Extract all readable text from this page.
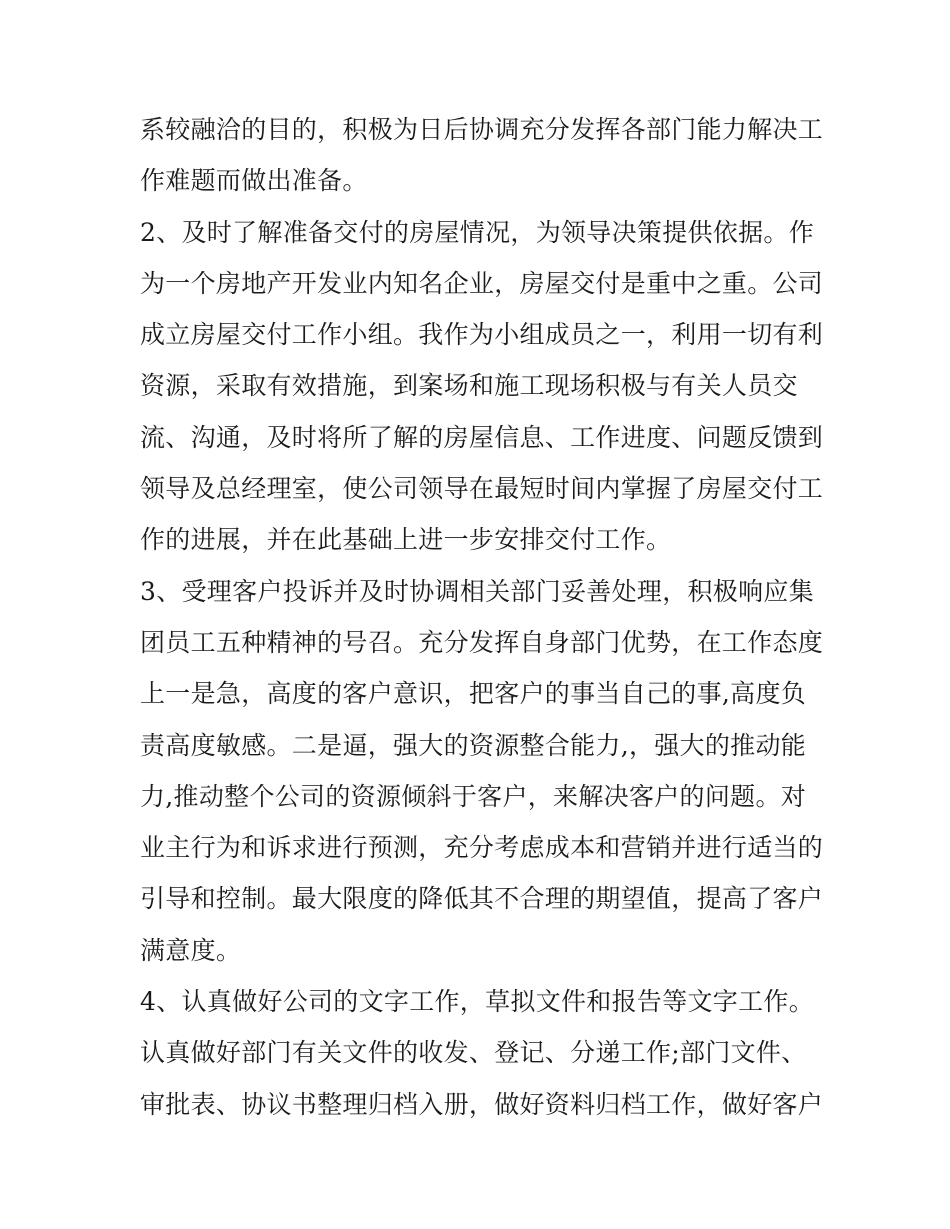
系较融洽的目的，积极为日后协调充分发挥各部门能力解决工
作难题而做出准备。
2、及时了解准备交付的房屋情况，为领导决策提供依据。作
为一个房地产开发业内知名企业，房屋交付是重中之重。公司
成立房屋交付工作小组。我作为小组成员之一，利用一切有利
资源，采取有效措施，到案场和施工现场积极与有关人员交
流、沟通，及时将所了解的房屋信息、工作进度、问题反馈到
领导及总经理室，使公司领导在最短时间内掌握了房屋交付工
作的进展，并在此基础上进一步安排交付工作。
3、受理客户投诉并及时协调相关部门妥善处理，积极响应集
团员工五种精神的号召。充分发挥自身部门优势，在工作态度
上一是急，高度的客户意识，把客户的事当自己的事,高度负
责高度敏感。二是逼，强大的资源整合能力,，强大的推动能
力,推动整个公司的资源倾斜于客户，来解决客户的问题。对
业主行为和诉求进行预测，充分考虑成本和营销并进行适当的
引导和控制。最大限度的降低其不合理的期望值，提高了客户
满意度。
4、认真做好公司的文字工作，草拟文件和报告等文字工作。
认真做好部门有关文件的收发、登记、分递工作;部门文件、
审批表、协议书整理归档入册，做好资料归档工作，做好客户
